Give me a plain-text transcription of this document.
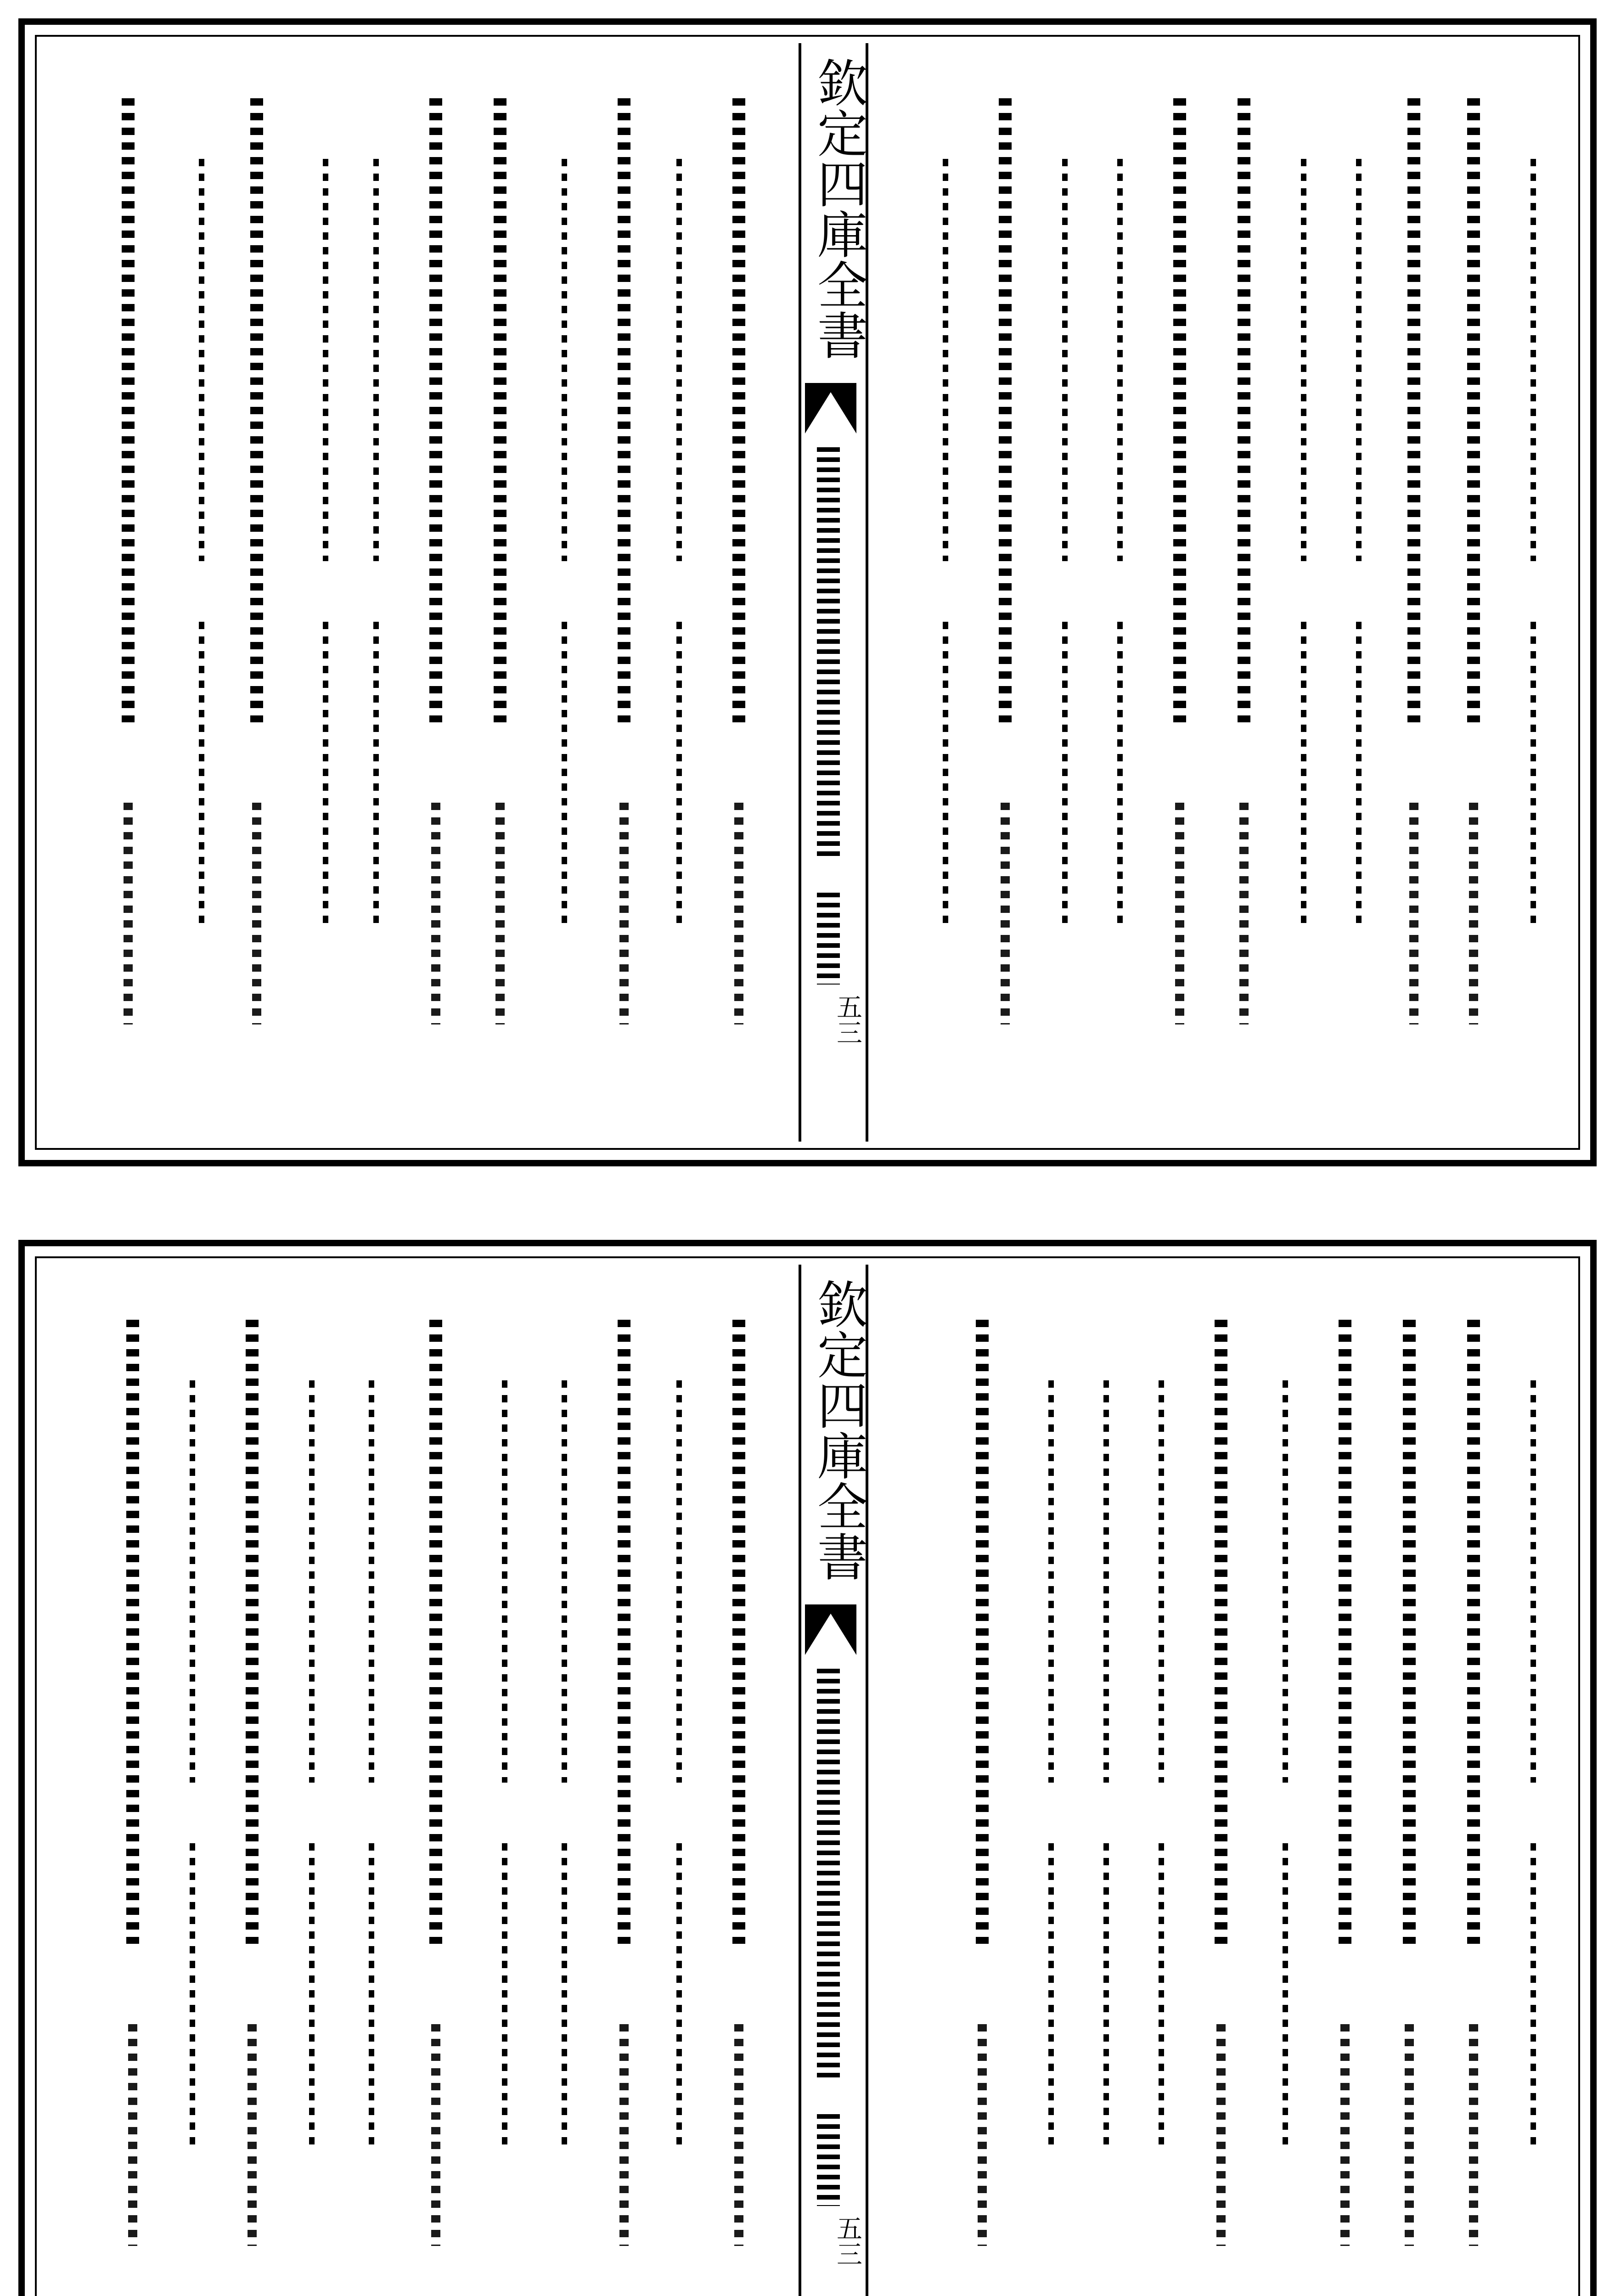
欽定四庫全書
五三
欽定四庫全書
五三
